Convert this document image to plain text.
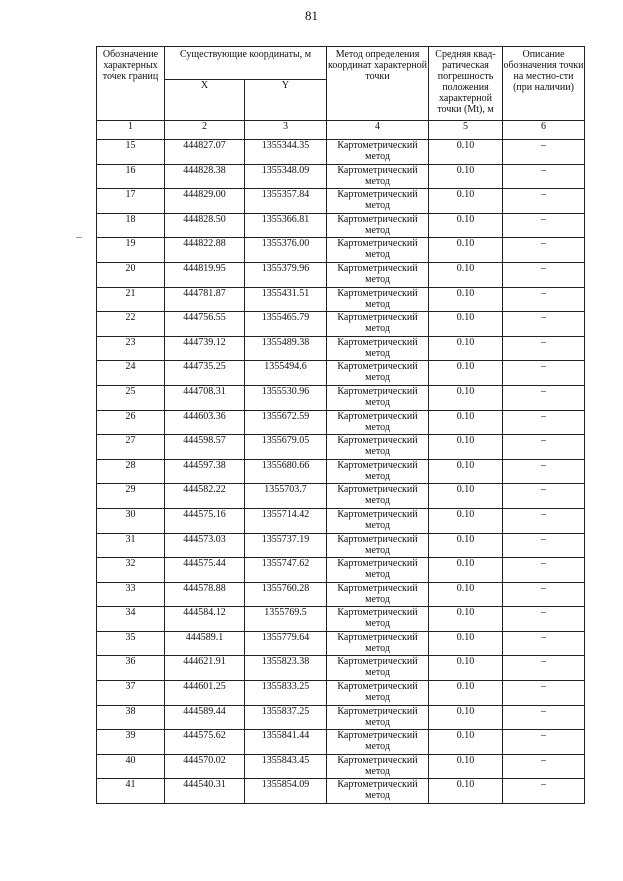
81
Обозначение характерных точек границ	Существующие координаты, м		Метод определения координат характерной точки	Средняя квад-ратическая погрешность положения характерной точки (Mt), м	Описание обозначения точки на местно-сти (при наличии)
	X	Y			
1	2	3	4	5	6
15	444827.07	1355344.35	Картометрический метод	0.10	–
16	444828.38	1355348.09	Картометрический метод	0.10	–
17	444829.00	1355357.84	Картометрический метод	0.10	–
18	444828.50	1355366.81	Картометрический метод	0.10	–
19	444822.88	1355376.00	Картометрический метод	0.10	–
20	444819.95	1355379.96	Картометрический метод	0.10	–
21	444781.87	1355431.51	Картометрический метод	0.10	–
22	444756.55	1355465.79	Картометрический метод	0.10	–
23	444739.12	1355489.38	Картометрический метод	0.10	–
24	444735.25	1355494.6	Картометрический метод	0.10	–
25	444708.31	1355530.96	Картометрический метод	0.10	–
26	444603.36	1355672.59	Картометрический метод	0.10	–
27	444598.57	1355679.05	Картометрический метод	0.10	–
28	444597.38	1355680.66	Картометрический метод	0.10	–
29	444582.22	1355703.7	Картометрический метод	0.10	–
30	444575.16	1355714.42	Картометрический метод	0.10	–
31	444573.03	1355737.19	Картометрический метод	0.10	–
32	444575.44	1355747.62	Картометрический метод	0.10	–
33	444578.88	1355760.28	Картометрический метод	0.10	–
34	444584.12	1355769.5	Картометрический метод	0.10	–
35	444589.1	1355779.64	Картометрический метод	0.10	–
36	444621.91	1355823.38	Картометрический метод	0.10	–
37	444601.25	1355833.25	Картометрический метод	0.10	–
38	444589.44	1355837.25	Картометрический метод	0.10	–
39	444575.62	1355841.44	Картометрический метод	0.10	–
40	444570.02	1355843.45	Картометрический метод	0.10	–
41	444540.31	1355854.09	Картометрический метод	0.10	–
